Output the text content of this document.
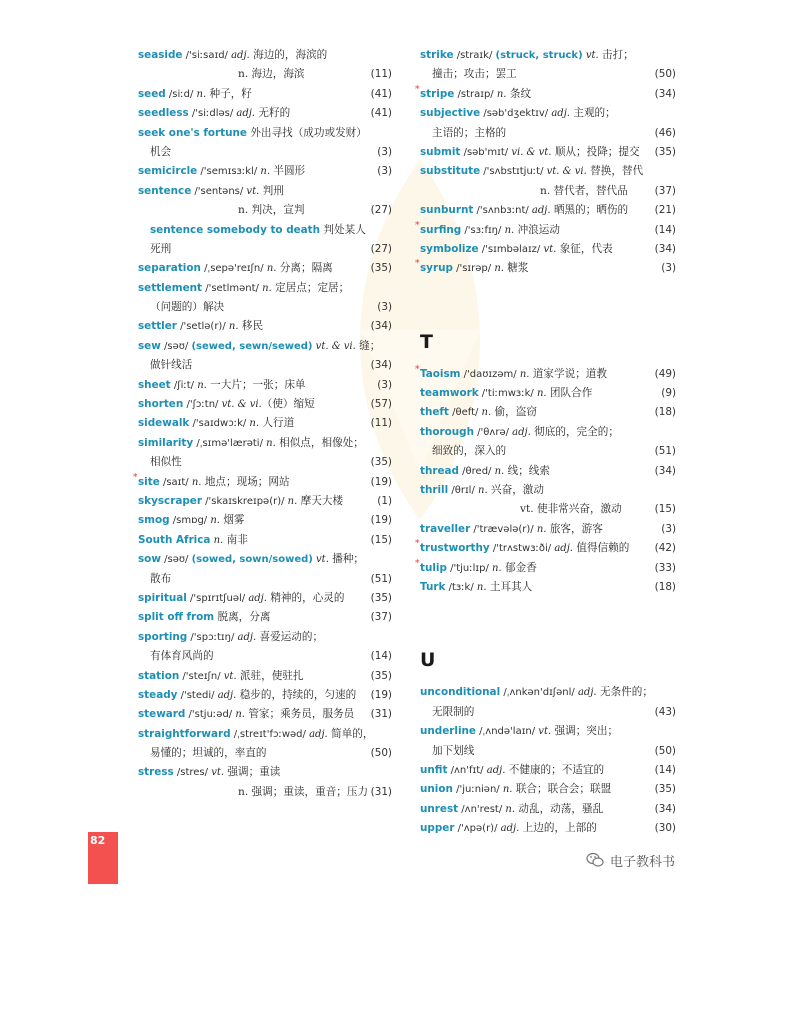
seaside /'siːsaɪd/ adj. 海边的，海滨的
n. 海边，海滨	(11)
seed /siːd/ n. 种子，籽	(41)
seedless /'siːdləs/ adj. 无籽的	(41)
seek one's fortune 外出寻找（成功或发财）
机会	(3)
semicircle /'semɪsɜːkl/ n. 半圆形	(3)
sentence /'sentəns/ vt. 判刑
n. 判决，宣判	(27)
sentence somebody to death 判处某人
死刑	(27)
separation /ˌsepə'reɪʃn/ n. 分离；隔离	(35)
settlement /'setlmənt/ n. 定居点；定居；
（问题的）解决	(3)
settler /'setlə(r)/ n. 移民	(34)
sew /səʊ/ (sewed, sewn/sewed) vt. & vi. 缝；
做针线活	(34)
sheet /ʃiːt/ n. 一大片；一张；床单	(3)
shorten /'ʃɔːtn/ vt. & vi.（使）缩短	(57)
sidewalk /'saɪdwɔːk/ n. 人行道	(11)
similarity /ˌsɪmə'lærəti/ n. 相似点，相像处；
相似性	(35)
* site /saɪt/ n. 地点；现场；网站	(19)
skyscraper /'skaɪskreɪpə(r)/ n. 摩天大楼	(1)
smog /smɒg/ n. 烟雾	(19)
South Africa n. 南非	(15)
sow /səʊ/ (sowed, sown/sowed) vt. 播种；
散布	(51)
spiritual /'spɪrɪtʃuəl/ adj. 精神的，心灵的	(35)
split off from 脱离，分离	(37)
sporting /'spɔːtɪŋ/ adj. 喜爱运动的；
有体育风尚的	(14)
station /'steɪʃn/ vt. 派驻，使驻扎	(35)
steady /'stedi/ adj. 稳步的，持续的，匀速的 (19)
steward /'stjuːəd/ n. 管家；乘务员，服务员 (31)
straightforward /ˌstreɪt'fɔːwəd/ adj. 简单的，
易懂的；坦诚的，率直的	(50)
stress /stres/ vt. 强调；重读
n. 强调；重读，重音；压力 (31)
strike /straɪk/ (struck, struck) vt. 击打；
撞击；攻击；罢工	(50)
* stripe /straɪp/ n. 条纹	(34)
subjective /səb'dʒektɪv/ adj. 主观的；
主语的；主格的	(46)
submit /səb'mɪt/ vi. & vt. 顺从；投降；提交 (35)
substitute /'sʌbstɪtjuːt/ vt. & vi. 替换，替代
n. 替代者，替代品	(37)
sunburnt /'sʌnbɜːnt/ adj. 晒黑的；晒伤的	(21)
* surfing /'sɜːfɪŋ/ n. 冲浪运动	(14)
symbolize /'sɪmbəlaɪz/ vt. 象征，代表	(34)
* syrup /'sɪrəp/ n. 糖浆	(3)
T
* Taoism /'daʊɪzəm/ n. 道家学说；道教	(49)
teamwork /'tiːmwɜːk/ n. 团队合作	(9)
theft /θeft/ n. 偷，盗窃	(18)
thorough /'θʌrə/ adj. 彻底的，完全的；
细致的，深入的	(51)
thread /θred/ n. 线；线索	(34)
thrill /θrɪl/ n. 兴奋，激动
vt. 使非常兴奋，激动	(15)
traveller /'trævələ(r)/ n. 旅客，游客	(3)
* trustworthy /'trʌstwɜːði/ adj. 值得信赖的 (42)
* tulip /'tjuːlɪp/ n. 郁金香	(33)
Turk /tɜːk/ n. 土耳其人	(18)
U
unconditional /ˌʌnkən'dɪʃənl/ adj. 无条件的；
无限制的	(43)
underline /ˌʌndə'laɪn/ vt. 强调；突出；
加下划线	(50)
unfit /ʌn'fɪt/ adj. 不健康的；不适宜的	(14)
union /'juːniən/ n. 联合；联合会；联盟	(35)
unrest /ʌn'rest/ n. 动乱，动荡，骚乱	(34)
upper /'ʌpə(r)/ adj. 上边的，上部的	(30)
82
电子教科书
